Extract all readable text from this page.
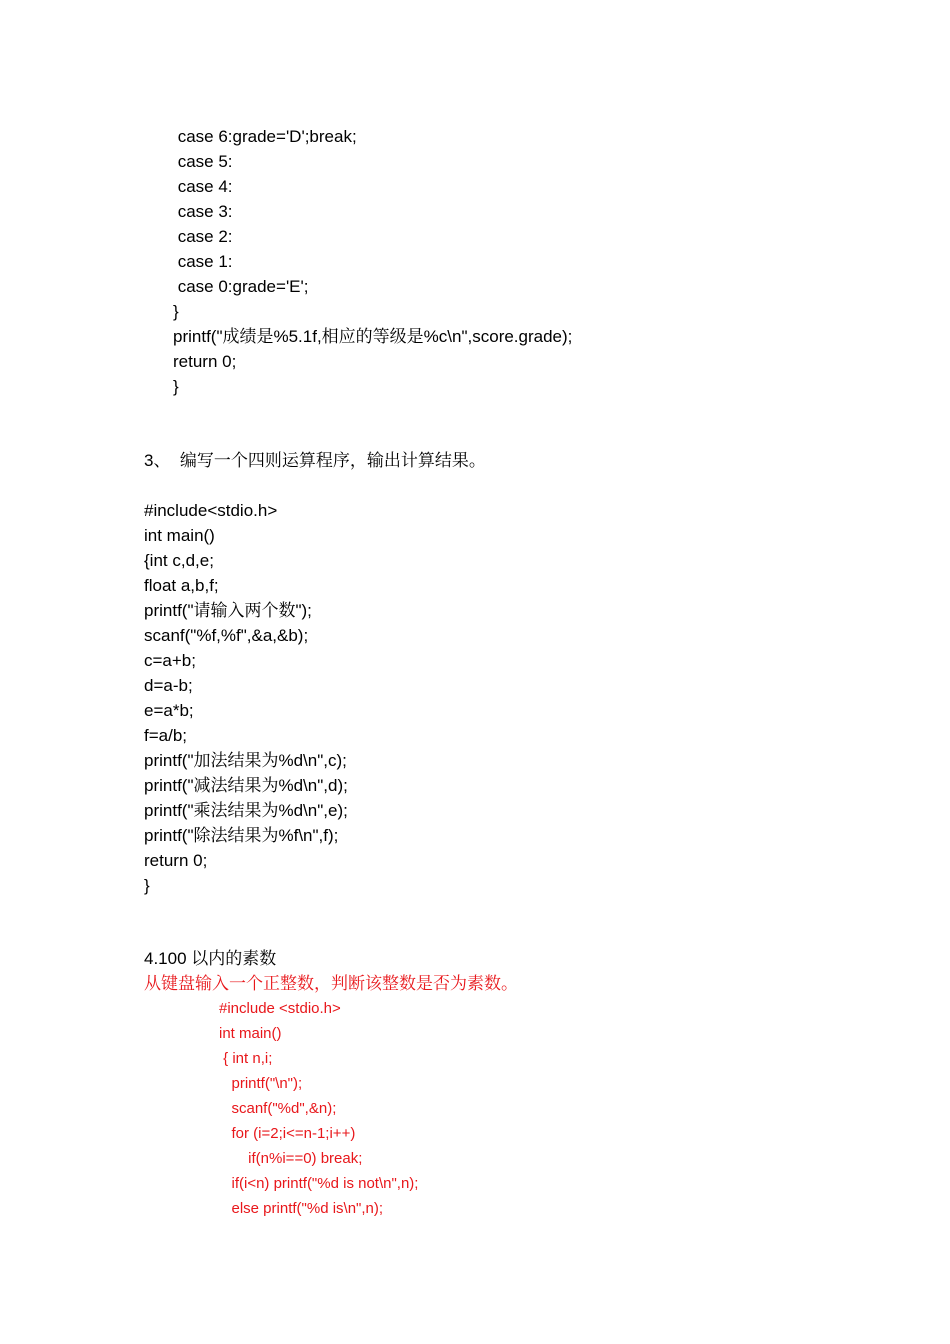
case 6:grade='D';break;
case 5:
case 4:
case 3:
case 2:
case 1:
case 0:grade='E';
}
printf("成绩是%5.1f,相应的等级是%c\n",score.grade);
return 0;
}
3、  编写一个四则运算程序，输出计算结果。
#include<stdio.h>
int main()
{int c,d,e;
float a,b,f;
printf("请输入两个数");
scanf("%f,%f",&a,&b);
c=a+b;
d=a-b;
e=a*b;
f=a/b;
printf("加法结果为%d\n",c);
printf("减法结果为%d\n",d);
printf("乘法结果为%d\n",e);
printf("除法结果为%f\n",f);
return 0;
}
4.100 以内的素数
从键盘输入一个正整数，判断该整数是否为素数。
#include <stdio.h>
int main()
{ int n,i;
printf("\n");
scanf("%d",&n);
for (i=2;i<=n-1;i++)
if(n%i==0) break;
if(i<n) printf("%d is not\n",n);
else printf("%d is\n",n);
